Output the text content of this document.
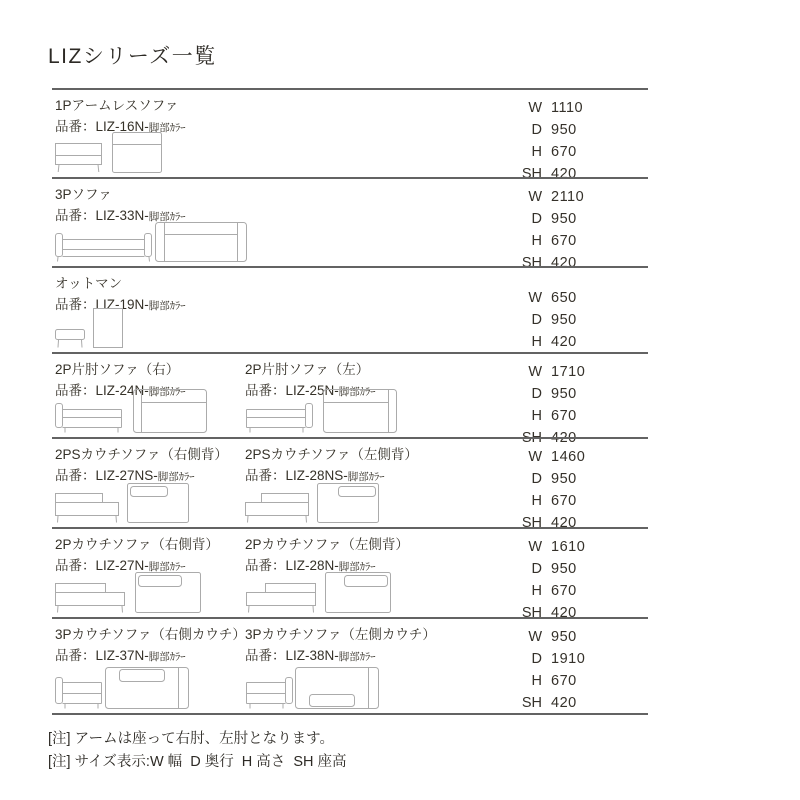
LIZシリーズ一覧
1Pアームレスソファ
品番：LIZ-16N-脚部ｶﾗｰ
W 1110
D 950
H 670
SH 420
3Pソファ
品番：LIZ-33N-脚部ｶﾗｰ
W 2110
D 950
H 670
SH 420
オットマン
品番：LIZ-19N-脚部ｶﾗｰ	W 650
D 950
H 420
2P片肘ソファ（右）
品番：LIZ-24N-脚部ｶﾗｰ
2P片肘ソファ（左）
品番：LIZ-25N-脚部ｶﾗｰ
W 1710
D 950
H 670
SH 420
2PSカウチソファ（右側背）
品番：LIZ-27NS-脚部ｶﾗｰ
2PSカウチソファ（左側背）
品番：LIZ-28NS-脚部ｶﾗｰ
W 1460
D 950
H 670
SH 420
2Pカウチソファ（右側背）
品番：LIZ-27N-脚部ｶﾗｰ
2Pカウチソファ（左側背）
品番：LIZ-28N-脚部ｶﾗｰ
W 1610
D 950
H 670
SH 420
3Pカウチソファ（右側カウチ）
品番：LIZ-37N-脚部ｶﾗｰ
3Pカウチソファ（左側カウチ）
品番：LIZ-38N-脚部ｶﾗｰ
W 950
D 1910
H 670
SH 420
[注] アームは座って右肘、左肘となります。
[注] サイズ表示:W 幅  D 奥行  H 高さ  SH 座高
